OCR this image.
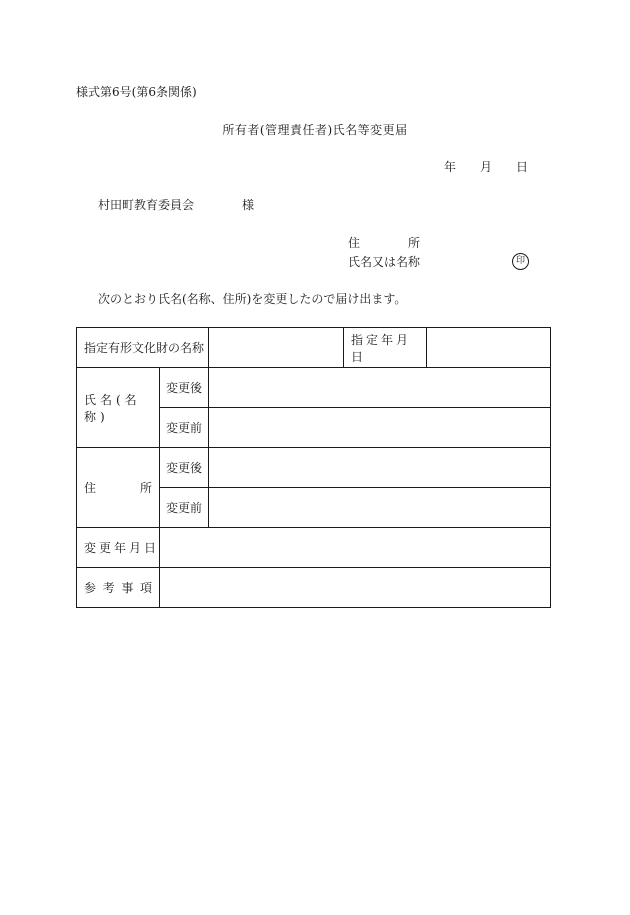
様式第6号(第6条関係)
所有者(管理責任者)氏名等変更届
年 月 日
村田町教育委員会	様
住	所
氏名又は名称	印
次のとおり氏名(名称、住所)を変更したので届け出ます。
指定有形文化財の名称			指定年月日	

氏名(名称)	変更後			
	変更前			

住 所	変更後			
	変更前			
変更年月日				

参 考 事 項				
